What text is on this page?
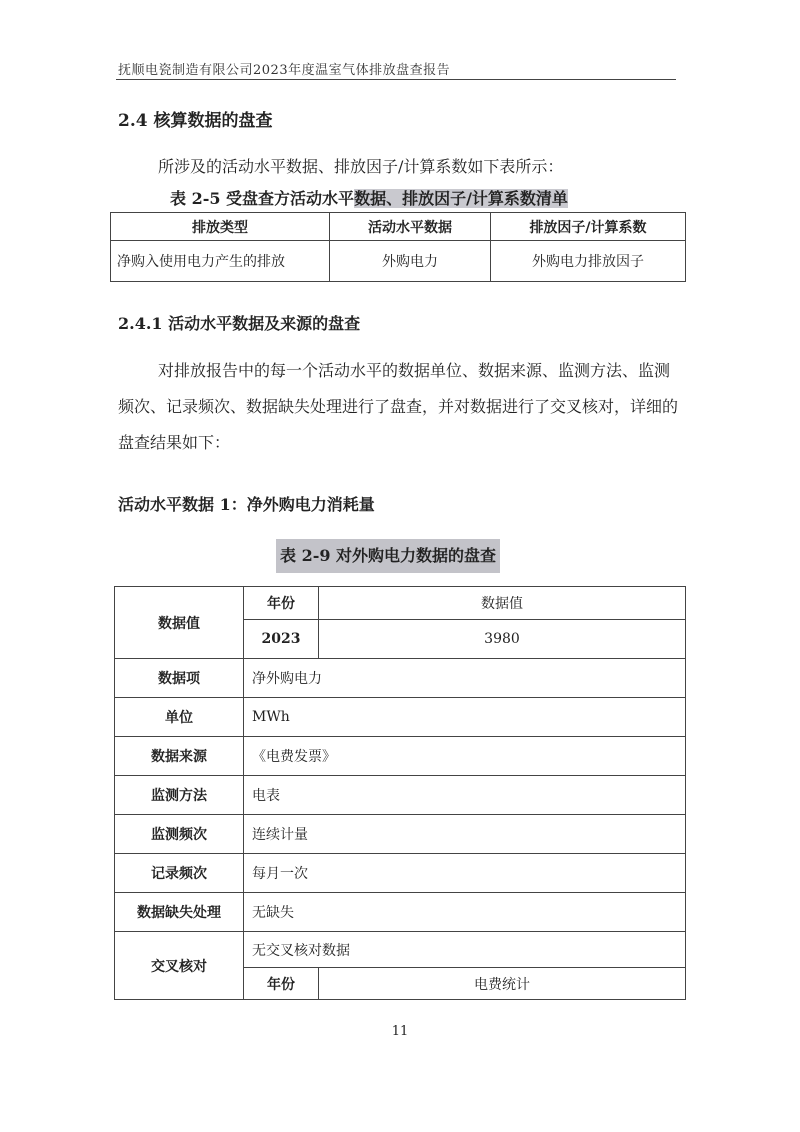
抚顺电瓷制造有限公司2023年度温室气体排放盘查报告
2.4 核算数据的盘查
所涉及的活动水平数据、排放因子/计算系数如下表所示：
表 2-5 受盘查方活动水平数据、排放因子/计算系数清单
排放类型	活动水平数据	排放因子/计算系数
净购入使用电力产生的排放	外购电力	外购电力排放因子
2.4.1 活动水平数据及来源的盘查
对排放报告中的每一个活动水平的数据单位、数据来源、监测方法、监测频次、记录频次、数据缺失处理进行了盘查，并对数据进行了交叉核对，详细的盘查结果如下：
活动水平数据 1：净外购电力消耗量
表 2-9 对外购电力数据的盘查
数据值	年份	数据值
	2023	3980
数据项	净外购电力	
单位	MWh	
数据来源	《电费发票》	
监测方法	电表	
监测频次	连续计量	
记录频次	每月一次	
数据缺失处理	无缺失	
交叉核对	无交叉核对数据	
	年份	电费统计
11
